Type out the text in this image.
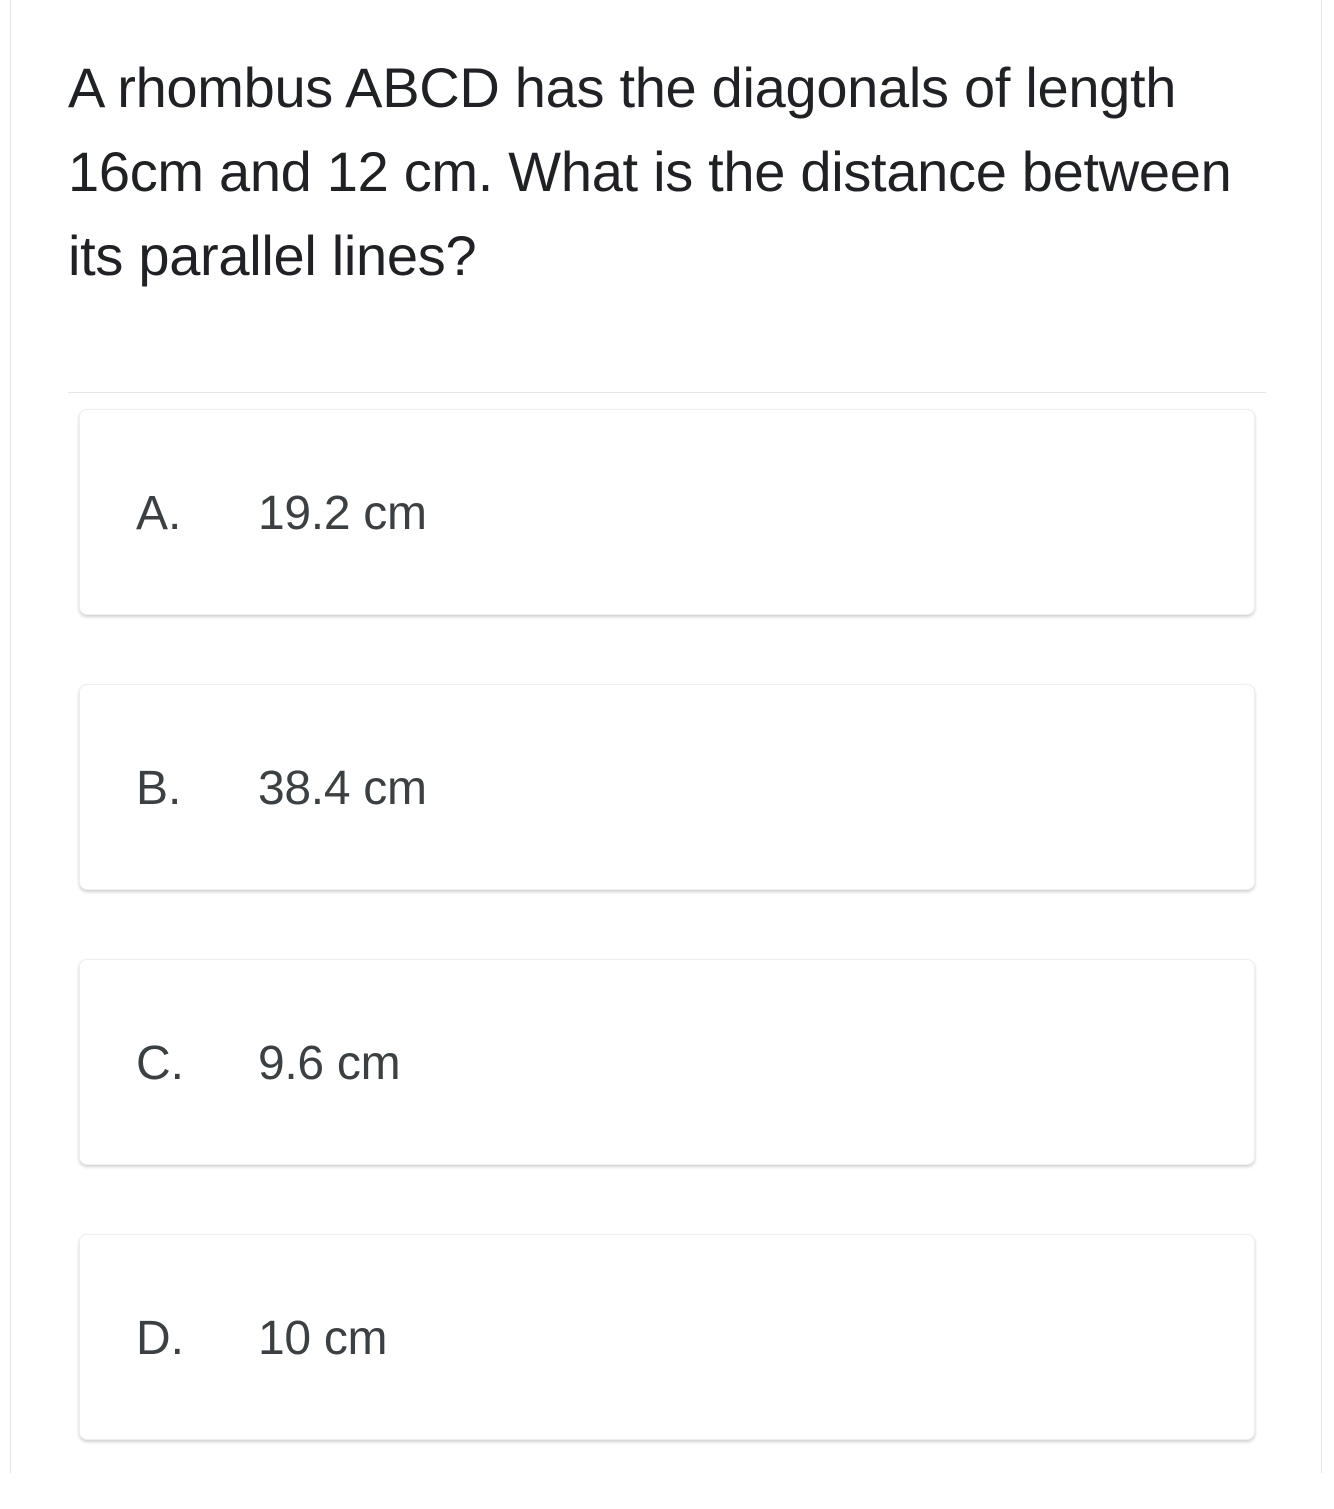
A rhombus ABCD has the diagonals of length 16cm and 12 cm. What is the distance between its parallel lines?
A. 19.2 cm
B. 38.4 cm
C. 9.6 cm
D. 10 cm
